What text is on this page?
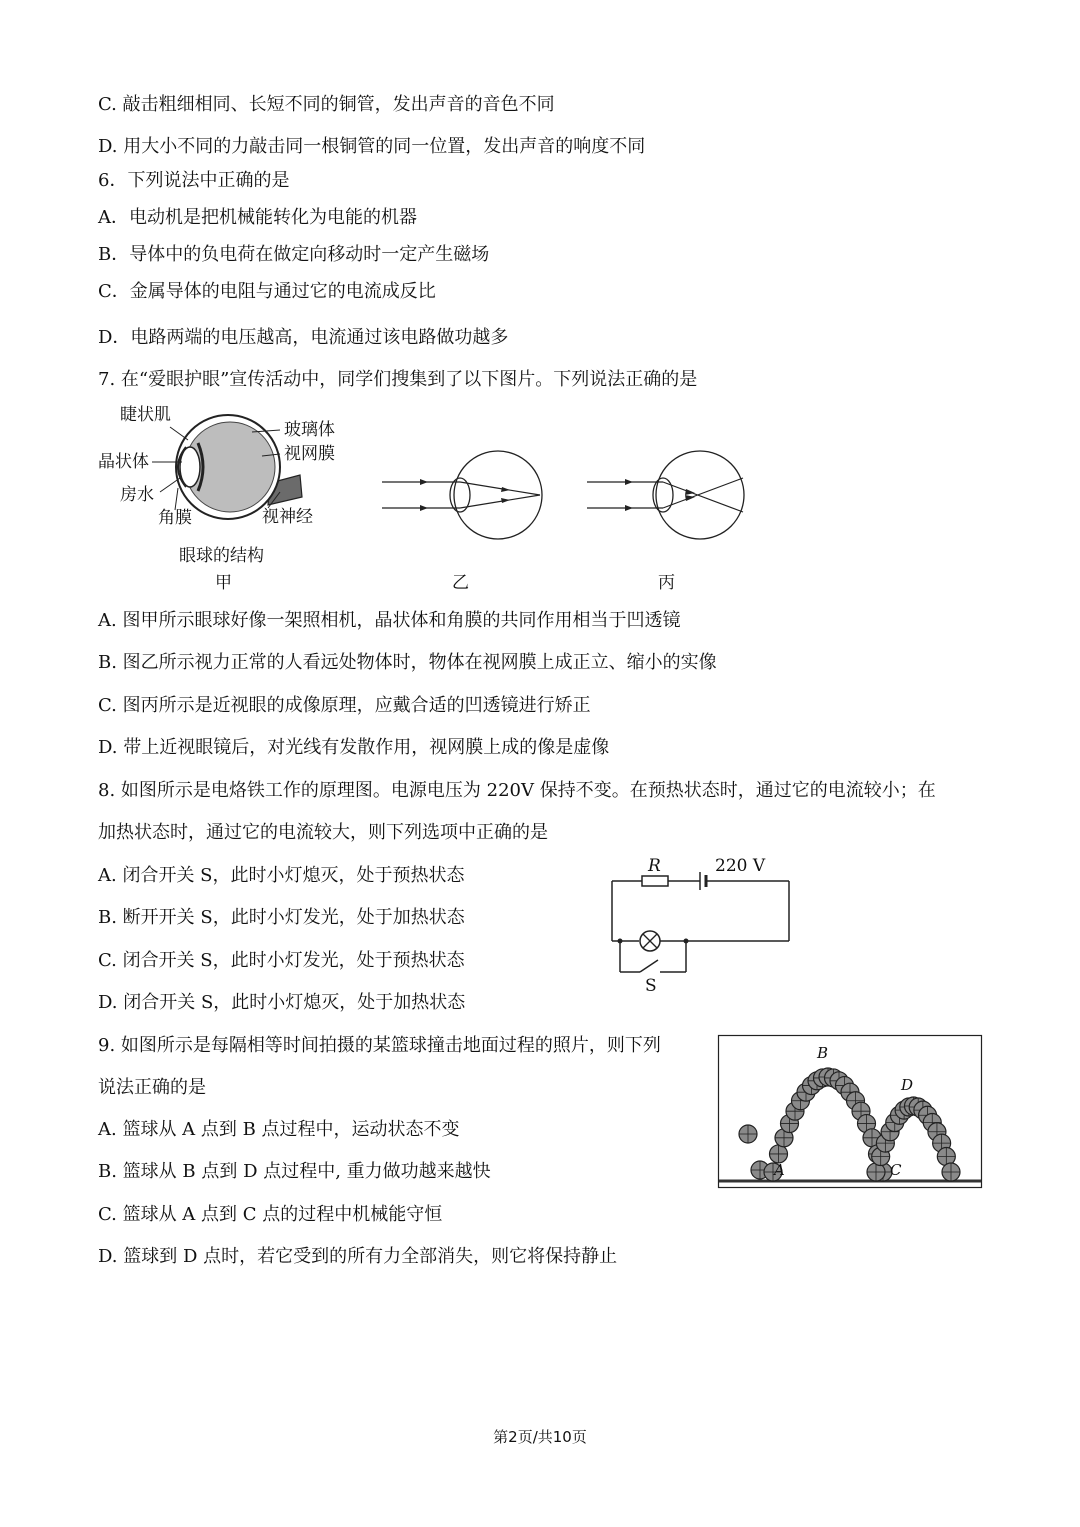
C. 敲击粗细相同、长短不同的铜管，发出声音的音色不同
D. 用大小不同的力敲击同一根铜管的同一位置，发出声音的响度不同
6．下列说法中正确的是
A．电动机是把机械能转化为电能的机器
B．导体中的负电荷在做定向移动时一定产生磁场
C．金属导体的电阻与通过它的电流成反比
D．电路两端的电压越高，电流通过该电路做功越多
7. 在“爱眼护眼”宣传活动中，同学们搜集到了以下图片。下列说法正确的是
睫状肌
晶状体
房水
角膜
玻璃体
视网膜
视神经
眼球的结构
甲	乙	丙
A. 图甲所示眼球好像一架照相机，晶状体和角膜的共同作用相当于凹透镜
B. 图乙所示视力正常的人看远处物体时，物体在视网膜上成正立、缩小的实像
C. 图丙所示是近视眼的成像原理，应戴合适的凹透镜进行矫正
D. 带上近视眼镜后，对光线有发散作用，视网膜上成的像是虚像
8. 如图所示是电烙铁工作的原理图。电源电压为 220V 保持不变。在预热状态时，通过它的电流较小；在
加热状态时，通过它的电流较大，则下列选项中正确的是
A. 闭合开关 S，此时小灯熄灭，处于预热状态
B. 断开开关 S，此时小灯发光，处于加热状态
C. 闭合开关 S，此时小灯发光，处于预热状态
D. 闭合开关 S，此时小灯熄灭，处于加热状态
R	220 V
S
9. 如图所示是每隔相等时间拍摄的某篮球撞击地面过程的照片，则下列
说法正确的是
B
D
A	C
A. 篮球从 A 点到 B 点过程中，运动状态不变
B. 篮球从 B 点到 D 点过程中, 重力做功越来越快
C. 篮球从 A 点到 C 点的过程中机械能守恒
D. 篮球到 D 点时，若它受到的所有力全部消失，则它将保持静止
第2页/共10页
